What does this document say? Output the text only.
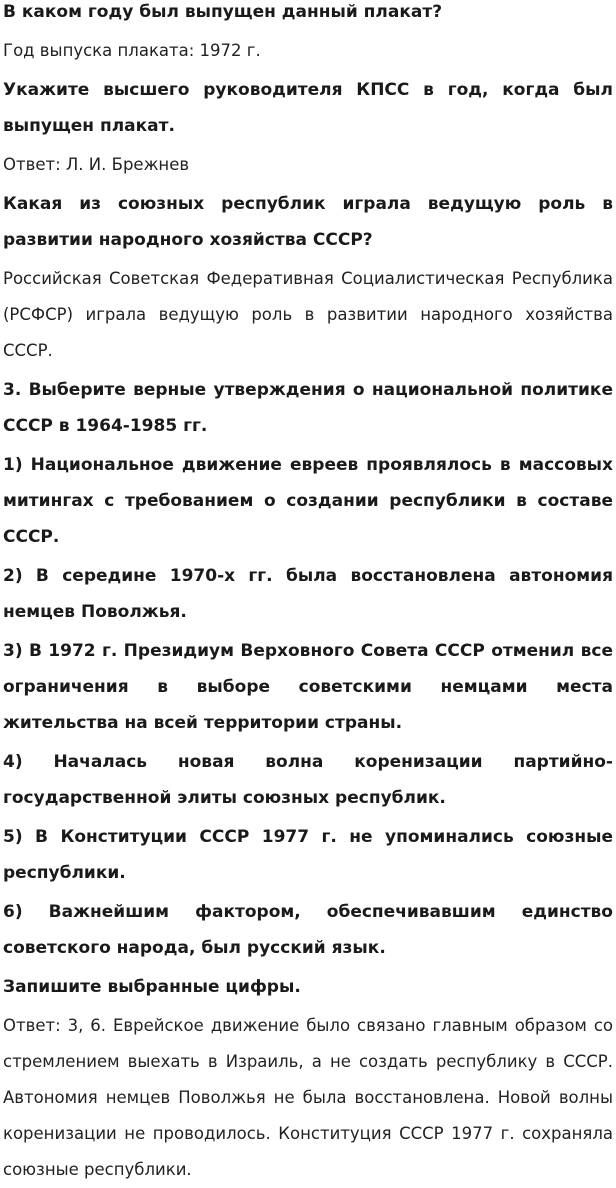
В каком году был выпущен данный плакат?

Год выпуска плаката: 1972 г.

Укажите высшего руководителя КПСС в год, когда был выпущен плакат.

Ответ: Л. И. Брежнев

Какая из союзных республик играла ведущую роль в развитии народного хозяйства СССР?

Российская Советская Федеративная Социалистическая Республика (РСФСР) играла ведущую роль в развитии народного хозяйства СССР.

3. Выберите верные утверждения о национальной политике СССР в 1964-1985 гг.

1) Национальное движение евреев проявлялось в массовых митингах с требованием о создании республики в составе СССР.

2) В середине 1970-х гг. была восстановлена автономия немцев Поволжья.

3) В 1972 г. Президиум Верховного Совета СССР отменил все ограничения в выборе советскими немцами места жительства на всей территории страны.

4) Началась новая волна коренизации партийно-государственной элиты союзных республик.

5) В Конституции СССР 1977 г. не упоминались союзные республики.

6) Важнейшим фактором, обеспечивавшим единство советского народа, был русский язык.

Запишите выбранные цифры.

Ответ: 3, 6. Еврейское движение было связано главным образом со стремлением выехать в Израиль, а не создать республику в СССР. Автономия немцев Поволжья не была восстановлена. Новой волны коренизации не проводилось. Конституция СССР 1977 г. сохраняла союзные республики.
